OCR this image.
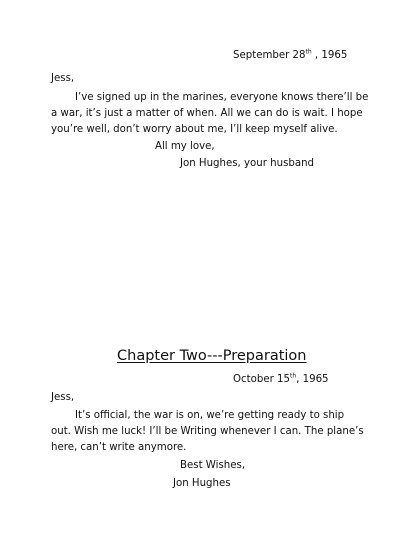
September 28th , 1965
Jess,
I’ve signed up in the marines, everyone knows there’ll be a war, it’s just a matter of when. All we can do is wait. I hope you’re well, don’t worry about me, I’ll keep myself alive.
All my love,
Jon Hughes, your husband
Chapter Two---Preparation
October 15th, 1965
Jess,
It’s official, the war is on, we’re getting ready to ship out. Wish me luck! I’ll be Writing whenever I can. The plane’s here, can’t write anymore.
Best Wishes,
Jon Hughes
